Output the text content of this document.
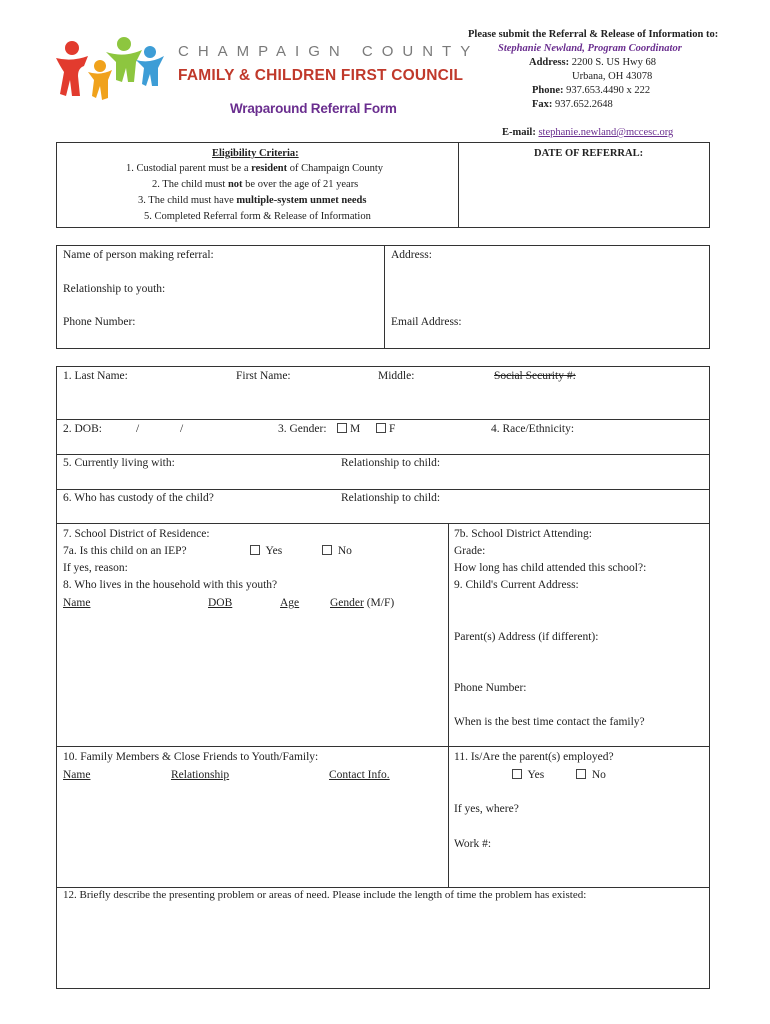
CHAMPAIGN COUNTY
FAMILY & CHILDREN FIRST COUNCIL
Wraparound Referral Form
Please submit the Referral & Release of Information to:
Stephanie Newland, Program Coordinator
Address: 2200 S. US Hwy 68
Urbana, OH 43078
Phone: 937.653.4490 x 222
Fax: 937.652.2648
E-mail: stephanie.newland@mccesc.org
Eligibility Criteria:
1. Custodial parent must be a resident of Champaign County
2. The child must not be over the age of 21 years
3. The child must have multiple-system unmet needs
5. Completed Referral form & Release of Information
DATE OF REFERRAL:
Name of person making referral:	Address:
Relationship to youth:
Phone Number:	Email Address:
1. Last Name:	First Name:	Middle:	Social Security #:
2. DOB:	/	/	3. Gender:	M	F	4. Race/Ethnicity:
5. Currently living with:	Relationship to child:
6. Who has custody of the child?	Relationship to child:
7. School District of Residence:
7a. Is this child on an IEP?	Yes	No
If yes, reason:
8. Who lives in the household with this youth?
Name	DOB	Age	Gender (M/F)
7b. School District Attending:
Grade:
How long has child attended this school?:
9. Child's Current Address:
Parent(s) Address (if different):
Phone Number:
When is the best time contact the family?
10. Family Members & Close Friends to Youth/Family:
Name	Relationship	Contact Info.
11. Is/Are the parent(s) employed?
Yes	No
If yes, where?
Work #:
12. Briefly describe the presenting problem or areas of need. Please include the length of time the problem has existed:
